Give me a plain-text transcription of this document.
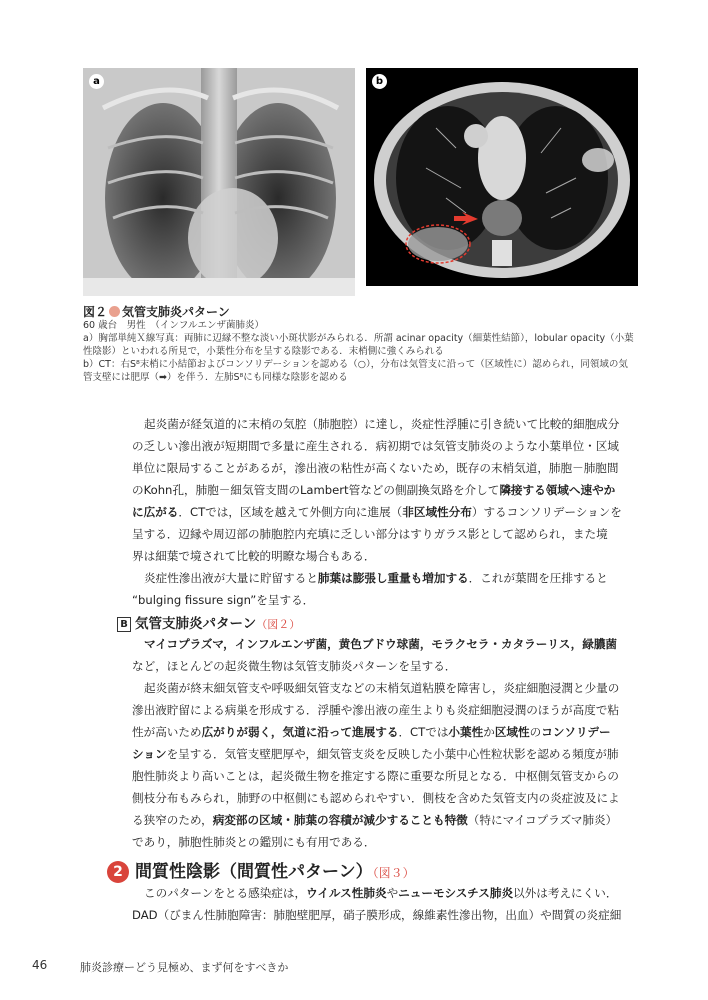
a	b
図２ 気管支肺炎パターン
60 歳台　男性　（インフルエンザ菌肺炎）
a）胸部単純Ｘ線写真：両肺に辺縁不整な淡い小斑状影がみられる．所謂 acinar opacity（細葉性結節），lobular opacity（小葉
性陰影）といわれる所見で，小葉性分布を呈する陰影である．末梢側に強くみられる
b）CT：右S⁸末梢に小結節およびコンソリデーションを認める（○），分布は気管支に沿って（区域性に）認められ，同領域の気
管支壁には肥厚（➡）を伴う．左肺S⁸にも同様な陰影を認める
起炎菌が経気道的に末梢の気腔（肺胞腔）に達し，炎症性浮腫に引き続いて比較的細胞成分
の乏しい滲出液が短期間で多量に産生される．病初期では気管支肺炎のような小葉単位・区域
単位に限局することがあるが，滲出液の粘性が高くないため，既存の末梢気道，肺胞－肺胞間
のKohn孔，肺胞－細気管支間のLambert管などの側副換気路を介して隣接する領域へ速やか
に広がる．CTでは，区域を越えて外側方向に進展（非区域性分布）するコンソリデーションを
呈する．辺縁や周辺部の肺胞腔内充填に乏しい部分はすりガラス影として認められ，また境
界は細葉で境されて比較的明瞭な場合もある．
炎症性滲出液が大量に貯留すると肺葉は膨張し重量も増加する．これが葉間を圧排すると
“bulging fissure sign”を呈する．
B 気管支肺炎パターン（図２）
マイコプラズマ，インフルエンザ菌，黄色ブドウ球菌，モラクセラ・カタラーリス，緑膿菌
など，ほとんどの起炎微生物は気管支肺炎パターンを呈する．
起炎菌が終末細気管支や呼吸細気管支などの末梢気道粘膜を障害し，炎症細胞浸潤と少量の
滲出液貯留による病巣を形成する．浮腫や滲出液の産生よりも炎症細胞浸潤のほうが高度で粘
性が高いため広がりが弱く，気道に沿って進展する．CTでは小葉性か区域性のコンソリデー
ションを呈する．気管支壁肥厚や，細気管支炎を反映した小葉中心性粒状影を認める頻度が肺
胞性肺炎より高いことは，起炎微生物を推定する際に重要な所見となる．中枢側気管支からの
側枝分布もみられ，肺野の中枢側にも認められやすい．側枝を含めた気管支内の炎症波及によ
る狭窄のため，病変部の区域・肺葉の容積が減少することも特徴（特にマイコプラズマ肺炎）
であり，肺胞性肺炎との鑑別にも有用である．
2 間質性陰影（間質性パターン）（図３）
このパターンをとる感染症は，ウイルス性肺炎やニューモシスチス肺炎以外は考えにくい．
DAD（びまん性肺胞障害：肺胞壁肥厚，硝子膜形成，線維素性滲出物，出血）や間質の炎症細
46	肺炎診療ーどう見極め、まず何をすべきか
